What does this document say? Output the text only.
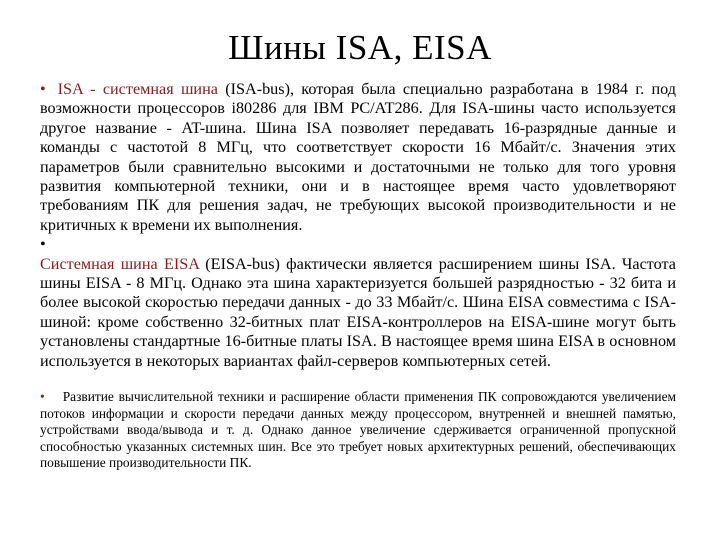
Шины ISA, EISA

• ISA - системная шина (ISA-bus), которая была специально разработана в 1984 г. под возможности процессоров i80286 для IBM PC/AT286. Для ISA-шины часто используется другое название - AT-шина. Шина ISA позволяет передавать 16-разрядные данные и команды с частотой 8 МГц, что соответствует скорости 16 Мбайт/с. Значения этих параметров были сравнительно высокими и достаточными не только для того уровня развития компьютерной техники, они и в настоящее время часто удовлетворяют требованиям ПК для решения задач, не требующих высокой производительности и не критичных к времени их выполнения.

•

Системная шина EISA (EISA-bus) фактически является расширением шины ISA. Частота шины EISA - 8 МГц. Однако эта шина характеризуется большей разрядностью - 32 бита и более высокой скоростью передачи данных - до 33 Мбайт/с. Шина EISA совместима с ISA-шиной: кроме собственно 32-битных плат EISA-контроллеров на EISA-шине могут быть установлены стандартные 16-битные платы ISA. В настоящее время шина EISA в основном используется в некоторых вариантах файл-серверов компьютерных сетей.

• Развитие вычислительной техники и расширение области применения ПК сопровождаются увеличением потоков информации и скорости передачи данных между процессором, внутренней и внешней памятью, устройствами ввода/вывода и т. д. Однако данное увеличение сдерживается ограниченной пропускной способностью указанных системных шин. Все это требует новых архитектурных решений, обеспечивающих повышение производительности ПК.
